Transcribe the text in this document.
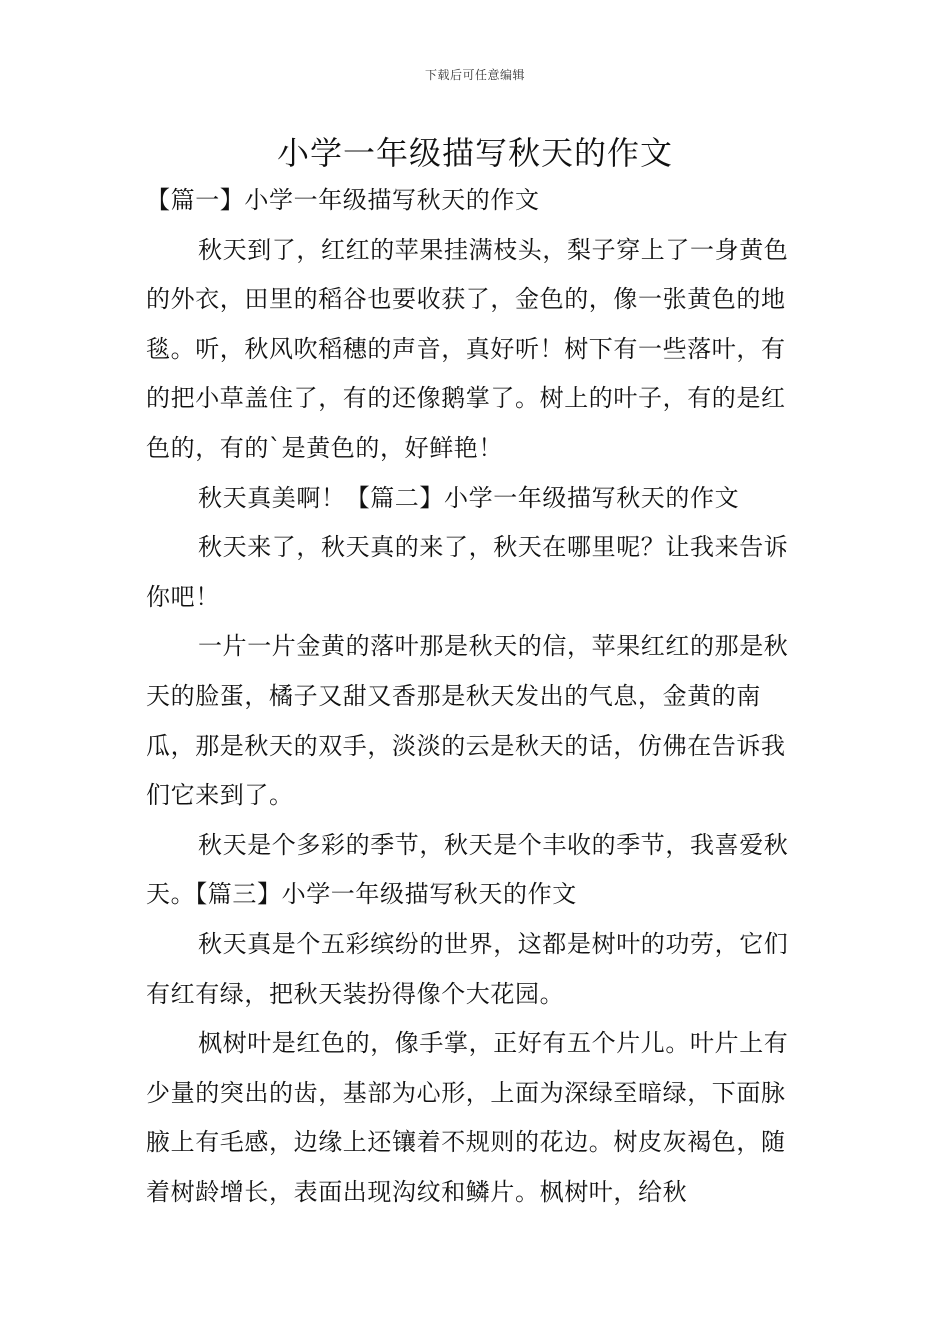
下载后可任意编辑
小学一年级描写秋天的作文

【篇一】小学一年级描写秋天的作文

秋天到了，红红的苹果挂满枝头，梨子穿上了一身黄色的外衣，田里的稻谷也要收获了，金色的，像一张黄色的地毯。听，秋风吹稻穗的声音，真好听！树下有一些落叶，有的把小草盖住了，有的还像鹅掌了。树上的叶子，有的是红色的，有的`是黄色的，好鲜艳！

秋天真美啊！【篇二】小学一年级描写秋天的作文

秋天来了，秋天真的来了，秋天在哪里呢？让我来告诉你吧！

一片一片金黄的落叶那是秋天的信，苹果红红的那是秋天的脸蛋，橘子又甜又香那是秋天发出的气息，金黄的南瓜，那是秋天的双手，淡淡的云是秋天的话，仿佛在告诉我们它来到了。

秋天是个多彩的季节，秋天是个丰收的季节，我喜爱秋天。【篇三】小学一年级描写秋天的作文

秋天真是个五彩缤纷的世界，这都是树叶的功劳，它们有红有绿，把秋天装扮得像个大花园。

枫树叶是红色的，像手掌，正好有五个片儿。叶片上有少量的突出的齿，基部为心形，上面为深绿至暗绿，下面脉腋上有毛感，边缘上还镶着不规则的花边。树皮灰褐色，随着树龄增长，表面出现沟纹和鳞片。枫树叶，给秋
